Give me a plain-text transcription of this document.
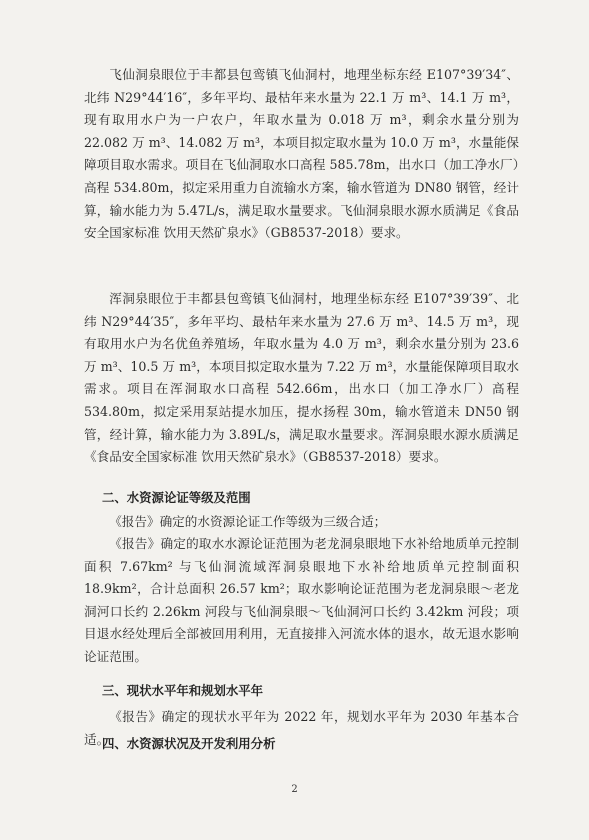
飞仙洞泉眼位于丰都县包鸾镇飞仙洞村，地理坐标东经 E107°39′34″、北纬 N29°44′16″，多年平均、最枯年来水量为 22.1 万 m³、14.1 万 m³，现有取用水户为一户农户，年取水量为 0.018 万 m³，剩余水量分别为 22.082 万 m³、14.082 万 m³，本项目拟定取水量为 10.0 万 m³，水量能保障项目取水需求。项目在飞仙洞取水口高程 585.78m，出水口（加工净水厂）高程 534.80m，拟定采用重力自流输水方案，输水管道为 DN80 钢管，经计算，输水能力为 5.47L/s，满足取水量要求。飞仙洞泉眼水源水质满足《食品安全国家标准 饮用天然矿泉水》（GB8537-2018）要求。

浑洞泉眼位于丰都县包鸾镇飞仙洞村，地理坐标东经 E107°39′39″、北纬 N29°44′35″，多年平均、最枯年来水量为 27.6 万 m³、14.5 万 m³，现有取用水户为名优鱼养殖场，年取水量为 4.0 万 m³，剩余水量分别为 23.6 万 m³、10.5 万 m³，本项目拟定取水量为 7.22 万 m³，水量能保障项目取水需求。项目在浑洞取水口高程 542.66m，出水口（加工净水厂）高程 534.80m，拟定采用泵站提水加压，提水扬程 30m，输水管道未 DN50 钢管，经计算，输水能力为 3.89L/s，满足取水量要求。浑洞泉眼水源水质满足《食品安全国家标准 饮用天然矿泉水》（GB8537-2018）要求。

二、水资源论证等级及范围

《报告》确定的水资源论证工作等级为三级合适；

《报告》确定的取水水源论证范围为老龙洞泉眼地下水补给地质单元控制面积 7.67km² 与飞仙洞流域浑洞泉眼地下水补给地质单元控制面积 18.9km²，合计总面积 26.57 km²；取水影响论证范围为老龙洞泉眼～老龙洞河口长约 2.26km 河段与飞仙洞泉眼～飞仙洞河口长约 3.42km 河段；项目退水经处理后全部被回用利用，无直接排入河流水体的退水，故无退水影响论证范围。

三、现状水平年和规划水平年

《报告》确定的现状水平年为 2022 年，规划水平年为 2030 年基本合适。

四、水资源状况及开发利用分析
2
